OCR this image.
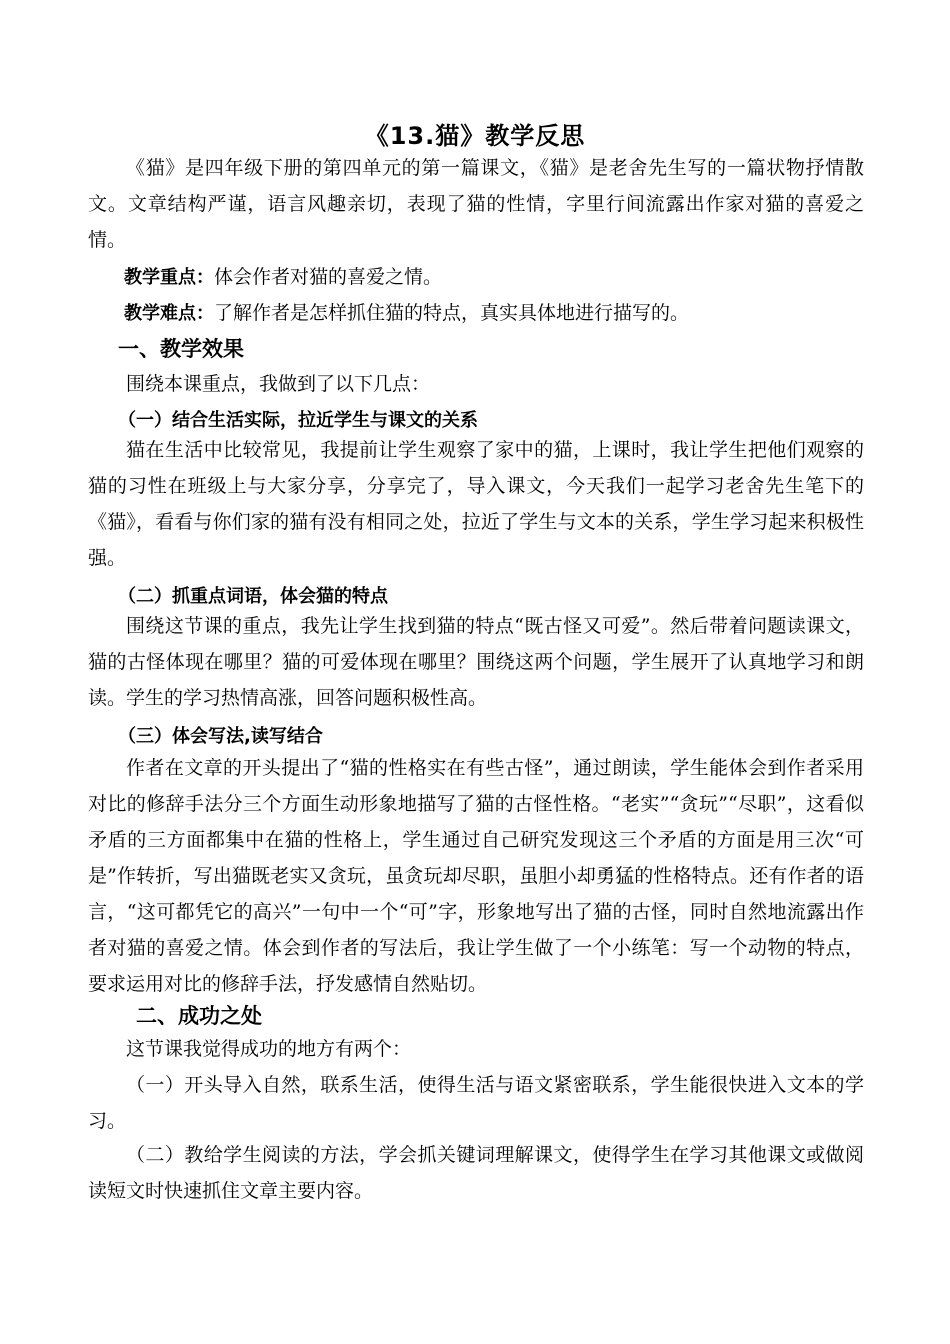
《13.猫》教学反思

《猫》是四年级下册的第四单元的第一篇课文，《猫》是老舍先生写的一篇状物抒情散文。文章结构严谨，语言风趣亲切，表现了猫的性情，字里行间流露出作家对猫的喜爱之情。

教学重点：体会作者对猫的喜爱之情。

教学难点：了解作者是怎样抓住猫的特点，真实具体地进行描写的。

一、教学效果

围绕本课重点，我做到了以下几点：

（一）结合生活实际，拉近学生与课文的关系

猫在生活中比较常见，我提前让学生观察了家中的猫，上课时，我让学生把他们观察的猫的习性在班级上与大家分享，分享完了，导入课文，今天我们一起学习老舍先生笔下的《猫》，看看与你们家的猫有没有相同之处，拉近了学生与文本的关系，学生学习起来积极性强。

（二）抓重点词语，体会猫的特点

围绕这节课的重点，我先让学生找到猫的特点“既古怪又可爱”。然后带着问题读课文，猫的古怪体现在哪里？猫的可爱体现在哪里？围绕这两个问题，学生展开了认真地学习和朗读。学生的学习热情高涨，回答问题积极性高。

（三）体会写法,读写结合

作者在文章的开头提出了“猫的性格实在有些古怪”，通过朗读，学生能体会到作者采用对比的修辞手法分三个方面生动形象地描写了猫的古怪性格。“老实”“贪玩”“尽职”，这看似矛盾的三方面都集中在猫的性格上，学生通过自己研究发现这三个矛盾的方面是用三次“可是”作转折，写出猫既老实又贪玩，虽贪玩却尽职，虽胆小却勇猛的性格特点。还有作者的语言，“这可都凭它的高兴”一句中一个“可”字，形象地写出了猫的古怪，同时自然地流露出作者对猫的喜爱之情。体会到作者的写法后，我让学生做了一个小练笔：写一个动物的特点，要求运用对比的修辞手法，抒发感情自然贴切。

二、成功之处

这节课我觉得成功的地方有两个：

（一）开头导入自然，联系生活，使得生活与语文紧密联系，学生能很快进入文本的学习。

（二）教给学生阅读的方法，学会抓关键词理解课文，使得学生在学习其他课文或做阅读短文时快速抓住文章主要内容。
